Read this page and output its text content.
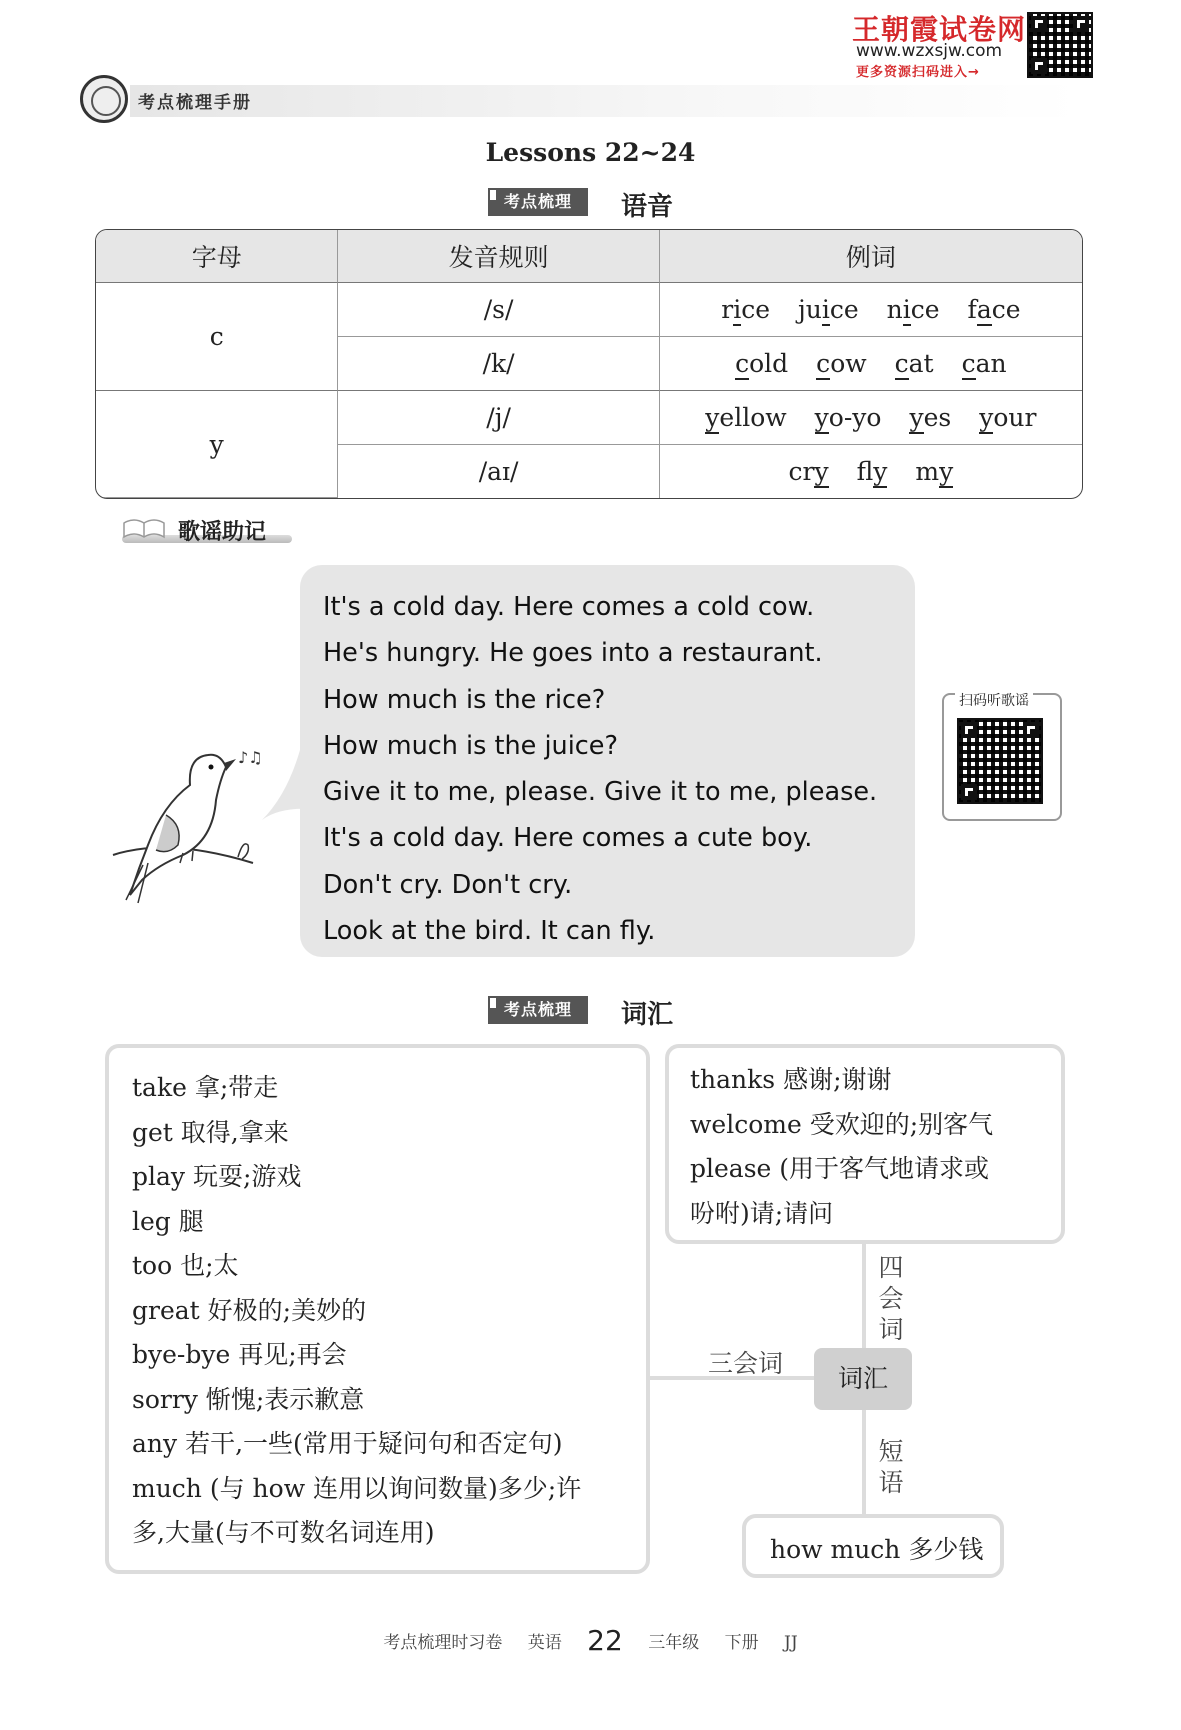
考点梳理手册
王朝霞试卷网
www.wzxsjw.com
更多资源扫码进入→
Lessons 22~24
考点梳理	语音
字母	发音规则	例词
c	/s/	rice juice nice face
	/k/	cold cow cat can
y	/j/	yellow yo-yo yes your
	/aɪ/	cry fly my
歌谣助记
It's a cold day. Here comes a cold cow.
He's hungry. He goes into a restaurant.
How much is the rice?
How much is the juice?
Give it to me, please. Give it to me, please.
It's a cold day. Here comes a cute boy.
Don't cry. Don't cry.
Look at the bird. It can fly.
♪♫
扫码听歌谣
考点梳理	词汇
take 拿;带走
get 取得,拿来
play 玩耍;游戏
leg 腿
too 也;太
great 好极的;美妙的
bye-bye 再见;再会
sorry 惭愧;表示歉意
any 若干,一些(常用于疑问句和否定句)
much (与 how 连用以询问数量)多少;许
多,大量(与不可数名词连用)
thanks 感谢;谢谢
welcome 受欢迎的;别客气
please (用于客气地请求或
吩咐)请;请问
how much 多少钱
词汇
三会词
四
会
词
短
语
考点梳理时习卷 英语 22 三年级 下册 JJ
